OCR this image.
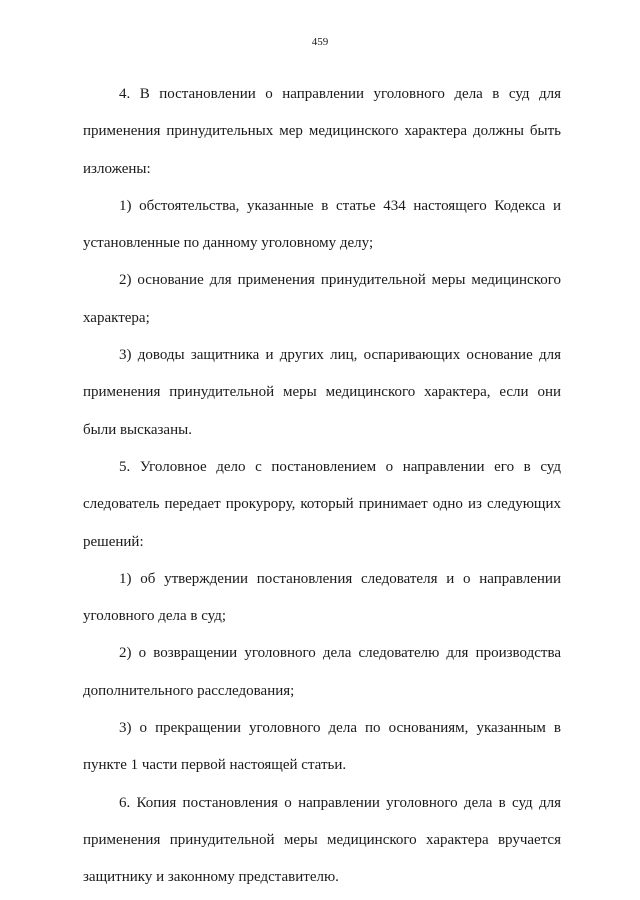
459

4. В постановлении о направлении уголовного дела в суд для применения принудительных мер медицинского характера должны быть изложены:

1) обстоятельства, указанные в статье 434 настоящего Кодекса и установленные по данному уголовному делу;

2) основание для применения принудительной меры медицинского характера;

3) доводы защитника и других лиц, оспаривающих основание для применения принудительной меры медицинского характера, если они были высказаны.

5. Уголовное дело с постановлением о направлении его в суд следователь передает прокурору, который принимает одно из следующих решений:

1) об утверждении постановления следователя и о направлении уголовного дела в суд;

2) о возвращении уголовного дела следователю для производства дополнительного расследования;

3) о прекращении уголовного дела по основаниям, указанным в пункте 1 части первой настоящей статьи.

6. Копия постановления о направлении уголовного дела в суд для применения принудительной меры медицинского характера вручается защитнику и законному представителю.
